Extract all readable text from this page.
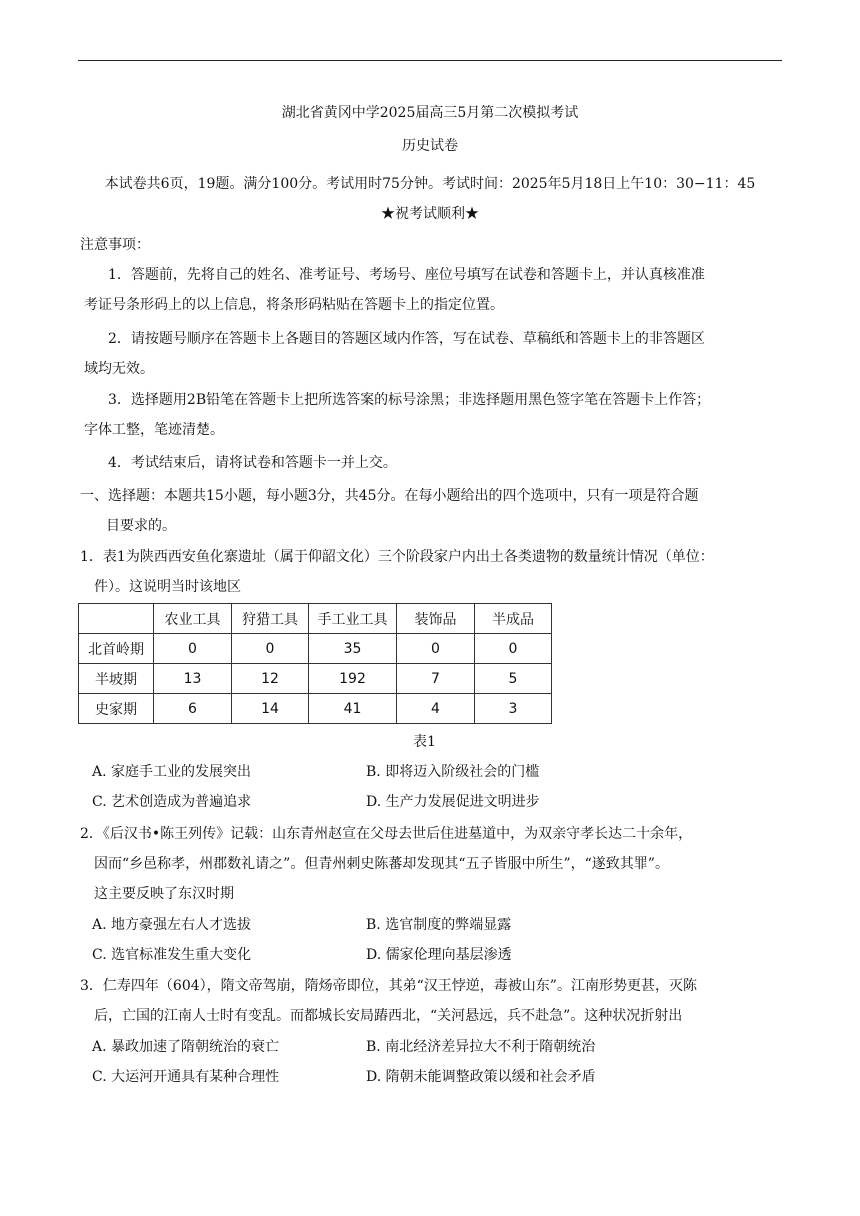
湖北省黄冈中学2025届高三5月第二次模拟考试
历史试卷
本试卷共6页，19题。满分100分。考试用时75分钟。考试时间：2025年5月18日上午10：30−11：45
★祝考试顺利★
注意事项：
1．答题前，先将自己的姓名、准考证号、考场号、座位号填写在试卷和答题卡上，并认真核准准
考证号条形码上的以上信息，将条形码粘贴在答题卡上的指定位置。
2．请按题号顺序在答题卡上各题目的答题区域内作答，写在试卷、草稿纸和答题卡上的非答题区
域均无效。
3．选择题用2B铅笔在答题卡上把所选答案的标号涂黑；非选择题用黑色签字笔在答题卡上作答；
字体工整，笔迹清楚。
4．考试结束后，请将试卷和答题卡一并上交。
一、选择题：本题共15小题，每小题3分，共45分。在每小题给出的四个选项中，只有一项是符合题
目要求的。
1．表1为陕西西安鱼化寨遗址（属于仰韶文化）三个阶段家户内出土各类遗物的数量统计情况（单位：
件）。这说明当时该地区
	农业工具	狩猎工具	手工业工具	装饰品	半成品
北首岭期	0	0	35	0	0
半坡期	13	12	192	7	5
史家期	6	14	41	4	3
表1
A. 家庭手工业的发展突出	B. 即将迈入阶级社会的门槛
C. 艺术创造成为普遍追求	D. 生产力发展促进文明进步
2．《后汉书•陈王列传》记载：山东青州赵宣在父母去世后住进墓道中，为双亲守孝长达二十余年，
因而“乡邑称孝，州郡数礼请之”。但青州刺史陈蕃却发现其“五子皆服中所生”，“遂致其罪”。
这主要反映了东汉时期
A. 地方豪强左右人才选拔	B. 选官制度的弊端显露
C. 选官标准发生重大变化	D. 儒家伦理向基层渗透
3．仁寿四年（604），隋文帝驾崩，隋炀帝即位，其弟“汉王悖逆，毒被山东”。江南形势更甚，灭陈
后，亡国的江南人士时有变乱。而都城长安局踳西北，“关河悬远，兵不赴急”。这种状况折射出
A. 暴政加速了隋朝统治的衰亡	B. 南北经济差异拉大不利于隋朝统治
C. 大运河开通具有某种合理性	D. 隋朝未能调整政策以缓和社会矛盾
